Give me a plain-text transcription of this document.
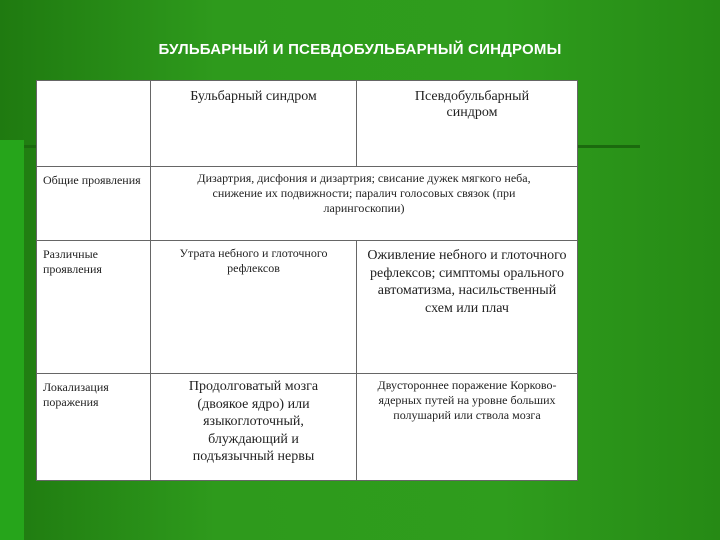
БУЛЬБАРНЫЙ И ПСЕВДОБУЛЬБАРНЫЙ СИНДРОМЫ
	Бульбарный синдром	Псевдобульбарный синдром
Общие проявления	Дизартрия, дисфония и дизартрия; свисание дужек мягкого неба, снижение их подвижности; паралич голосовых связок (при ларингоскопии)	
Различные проявления	Утрата небного и глоточного рефлексов	Оживление небного и глоточного рефлексов; симптомы орального автоматизма, насильственный схем или плач
Локализация поражения	Продолговатый мозга (двоякое ядро) или языкоглоточный, блуждающий и подъязычный нервы	Двустороннее поражение Корково-ядерных путей на уровне больших полушарий или ствола мозга
